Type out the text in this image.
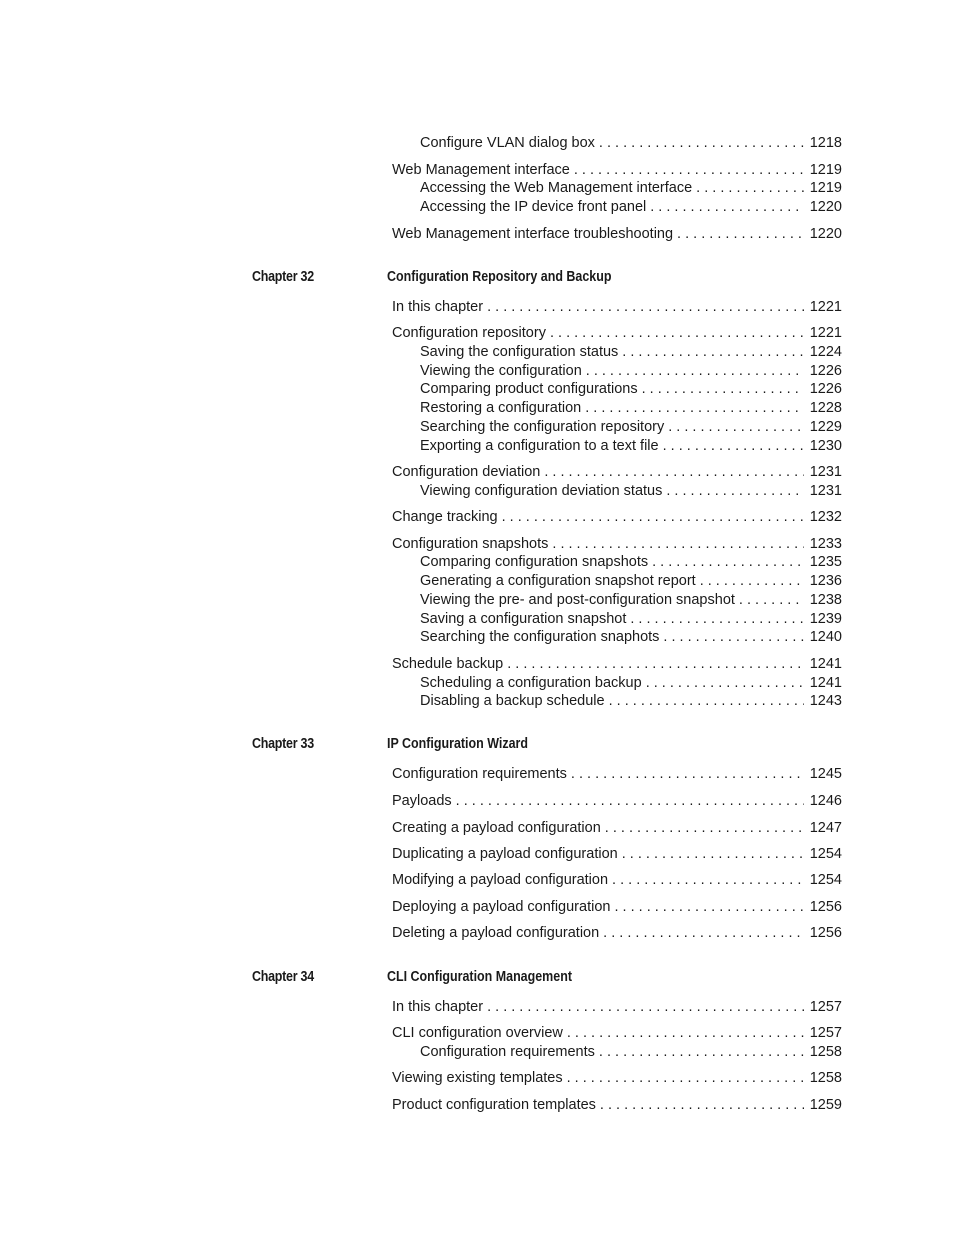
Configure VLAN dialog box . . .	1218
Web Management interface . . .	1219
Accessing the Web Management interface . . .	1219
Accessing the IP device front panel . . .	1220
Web Management interface troubleshooting . . .	1220
Chapter 32	Configuration Repository and Backup
In this chapter . . .	1221
Configuration repository . . .	1221
Saving the configuration status . . .	1224
Viewing the configuration . . .	1226
Comparing product configurations . . .	1226
Restoring a configuration . . .	1228
Searching the configuration repository . . .	1229
Exporting a configuration to a text file . . .	1230
Configuration deviation . . .	1231
Viewing configuration deviation status . . .	1231
Change tracking . . .	1232
Configuration snapshots . . .	1233
Comparing configuration snapshots . . .	1235
Generating a configuration snapshot report . . .	1236
Viewing the pre- and post-configuration snapshot . . .	1238
Saving a configuration snapshot . . .	1239
Searching the configuration snaphots . . .	1240
Schedule backup . . .	1241
Scheduling a configuration backup . . .	1241
Disabling a backup schedule . . .	1243
Chapter 33	IP Configuration Wizard
Configuration requirements . . .	1245
Payloads . . .	1246
Creating a payload configuration . . .	1247
Duplicating a payload configuration . . .	1254
Modifying a payload configuration . . .	1254
Deploying a payload configuration . . .	1256
Deleting a payload configuration . . .	1256
Chapter 34	CLI Configuration Management
In this chapter . . .	1257
CLI configuration overview . . .	1257
Configuration requirements . . .	1258
Viewing existing templates . . .	1258
Product configuration templates . . .	1259
